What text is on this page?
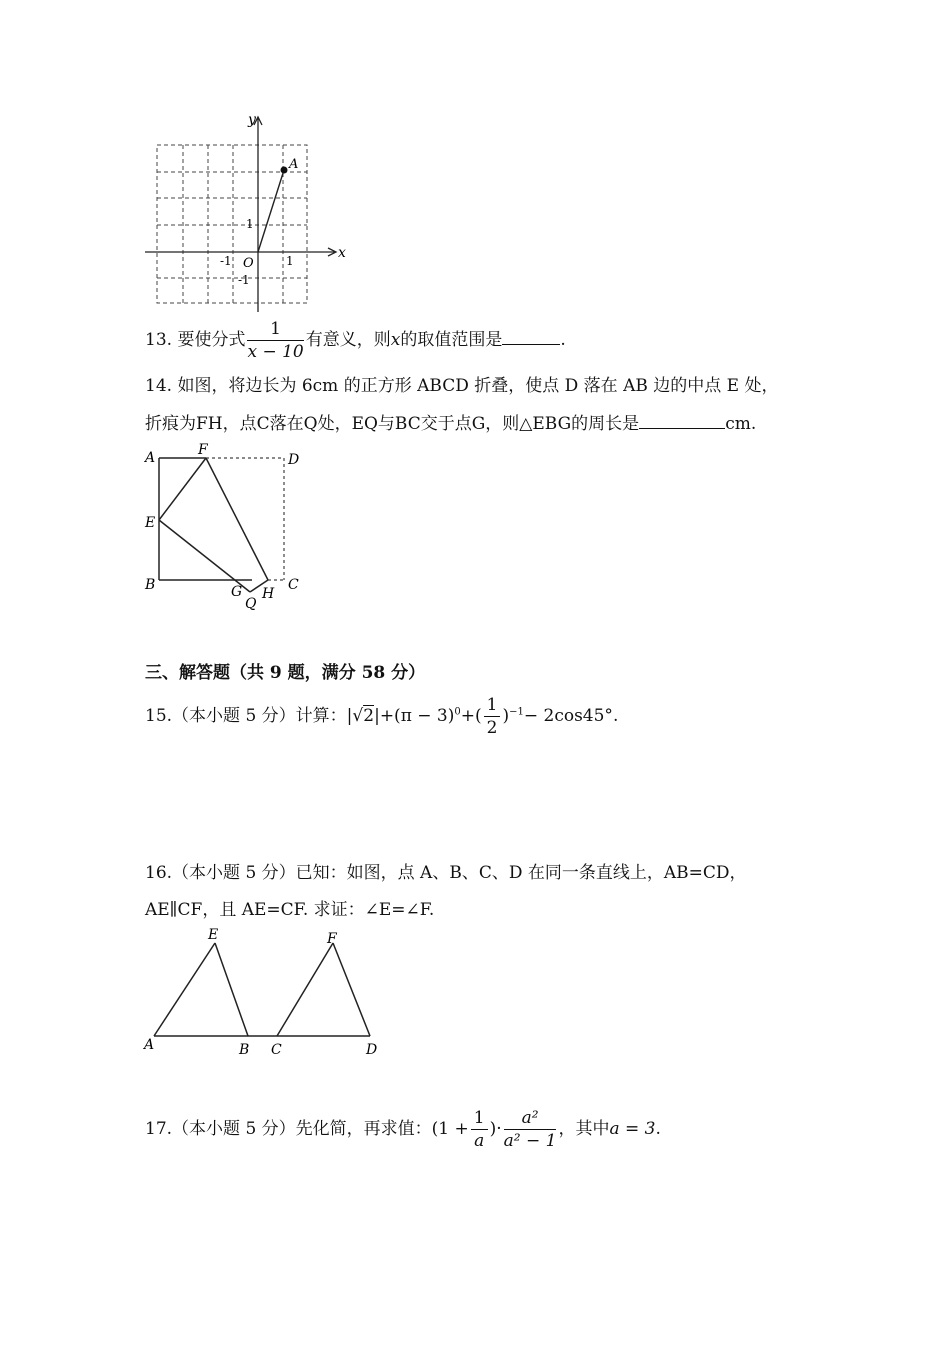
x
y
O
-1	1
1
-1
A
13. 要使分式 $\frac{1}{x - 10}$ 有意义，则x的取值范围是	.
14. 如图，将边长为 6cm 的正方形 ABCD 折叠，使点 D 落在 AB 边的中点 E 处，
折痕为FH，点C落在Q处，EQ与BC交于点G，则△EBG的周长是	cm.
A	F
D
E
B	G
Q
H
C
三、解答题（共 9 题，满分 58 分）
15.（本小题 5 分）计算：$|√2|+(\pi - 3)^0+( \frac{1}{2} )^{-1}- 2\cos 45^\circ$.
16.（本小题 5 分）已知：如图，点 A、B、C、D 在同一条直线上，AB=CD，
AE∥CF，且 AE=CF. 求证：∠E=∠F.
E	F
A	B C	D
17.（本小题 5 分）先化简，再求值：($1 + \frac{1}{a}$ )· $\frac{\text{a²}}{\text{a² − 1}}$ ，其中a = 3.
